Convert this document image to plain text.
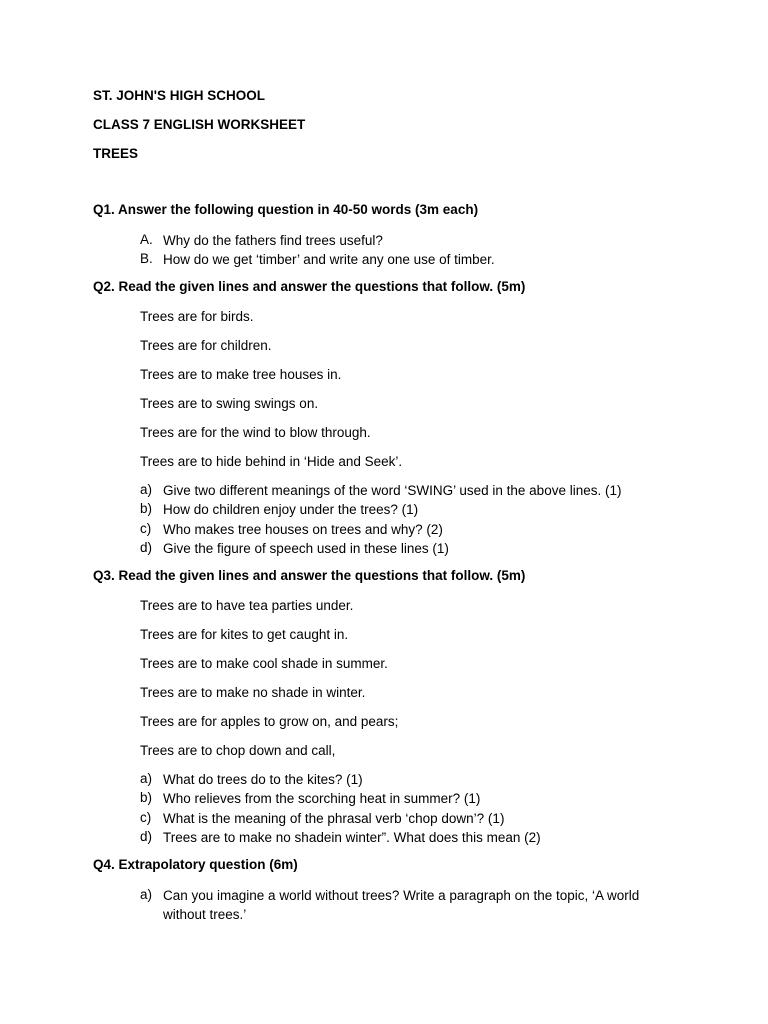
ST. JOHN'S HIGH SCHOOL
CLASS 7 ENGLISH WORKSHEET
TREES
Q1. Answer the following question in 40-50 words (3m each)
A. Why do the fathers find trees useful?
B. How do we get ‘timber’ and write any one use of timber.
Q2. Read the given lines and answer the questions that follow. (5m)
Trees are for birds.
Trees are for children.
Trees are to make tree houses in.
Trees are to swing swings on.
Trees are for the wind to blow through.
Trees are to hide behind in ‘Hide and Seek’.
a) Give two different meanings of the word ‘SWING’ used in the above lines. (1)
b) How do children enjoy under the trees? (1)
c) Who makes tree houses on trees and why? (2)
d) Give the figure of speech used in these lines (1)
Q3. Read the given lines and answer the questions that follow. (5m)
Trees are to have tea parties under.
Trees are for kites to get caught in.
Trees are to make cool shade in summer.
Trees are to make no shade in winter.
Trees are for apples to grow on, and pears;
Trees are to chop down and call,
a) What do trees do to the kites? (1)
b) Who relieves from the scorching heat in summer? (1)
c) What is the meaning of the phrasal verb ‘chop down’? (1)
d) Trees are to make no shadein winter”. What does this mean (2)
Q4. Extrapolatory question (6m)
a) Can you imagine a world without trees? Write a paragraph on the topic, ‘A world without trees.’
